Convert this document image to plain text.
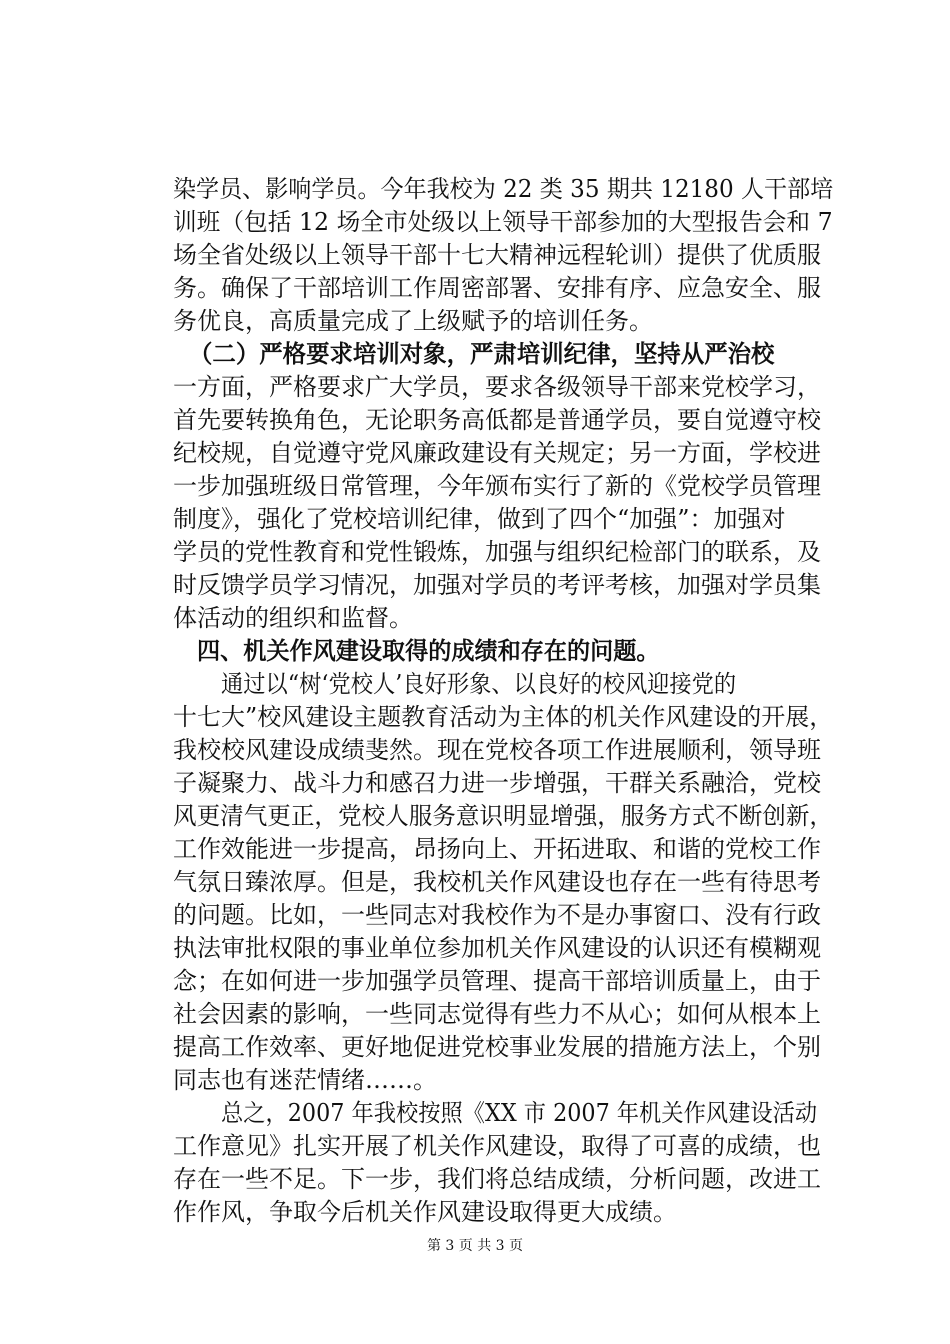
染学员、影响学员。今年我校为 22 类 35 期共 12180 人干部培
训班（包括 12 场全市处级以上领导干部参加的大型报告会和 7
场全省处级以上领导干部十七大精神远程轮训）提供了优质服
务。确保了干部培训工作周密部署、安排有序、应急安全、服
务优良，高质量完成了上级赋予的培训任务。
（二）严格要求培训对象，严肃培训纪律，坚持从严治校
一方面，严格要求广大学员，要求各级领导干部来党校学习，
首先要转换角色，无论职务高低都是普通学员，要自觉遵守校
纪校规，自觉遵守党风廉政建设有关规定；另一方面，学校进
一步加强班级日常管理，今年颁布实行了新的《党校学员管理
制度》，强化了党校培训纪律，做到了四个“加强”：加强对
学员的党性教育和党性锻炼，加强与组织纪检部门的联系，及
时反馈学员学习情况，加强对学员的考评考核，加强对学员集
体活动的组织和监督。
四、机关作风建设取得的成绩和存在的问题。
通过以“树‘党校人’良好形象、以良好的校风迎接党的
十七大”校风建设主题教育活动为主体的机关作风建设的开展，
我校校风建设成绩斐然。现在党校各项工作进展顺利，领导班
子凝聚力、战斗力和感召力进一步增强，干群关系融洽，党校
风更清气更正，党校人服务意识明显增强，服务方式不断创新，
工作效能进一步提高，昂扬向上、开拓进取、和谐的党校工作
气氛日臻浓厚。但是，我校机关作风建设也存在一些有待思考
的问题。比如，一些同志对我校作为不是办事窗口、没有行政
执法审批权限的事业单位参加机关作风建设的认识还有模糊观
念；在如何进一步加强学员管理、提高干部培训质量上，由于
社会因素的影响，一些同志觉得有些力不从心；如何从根本上
提高工作效率、更好地促进党校事业发展的措施方法上，个别
同志也有迷茫情绪……。
总之，2007 年我校按照《XX 市 2007 年机关作风建设活动
工作意见》扎实开展了机关作风建设，取得了可喜的成绩，也
存在一些不足。下一步，我们将总结成绩，分析问题，改进工
作作风，争取今后机关作风建设取得更大成绩。
第 3 页 共 3 页
